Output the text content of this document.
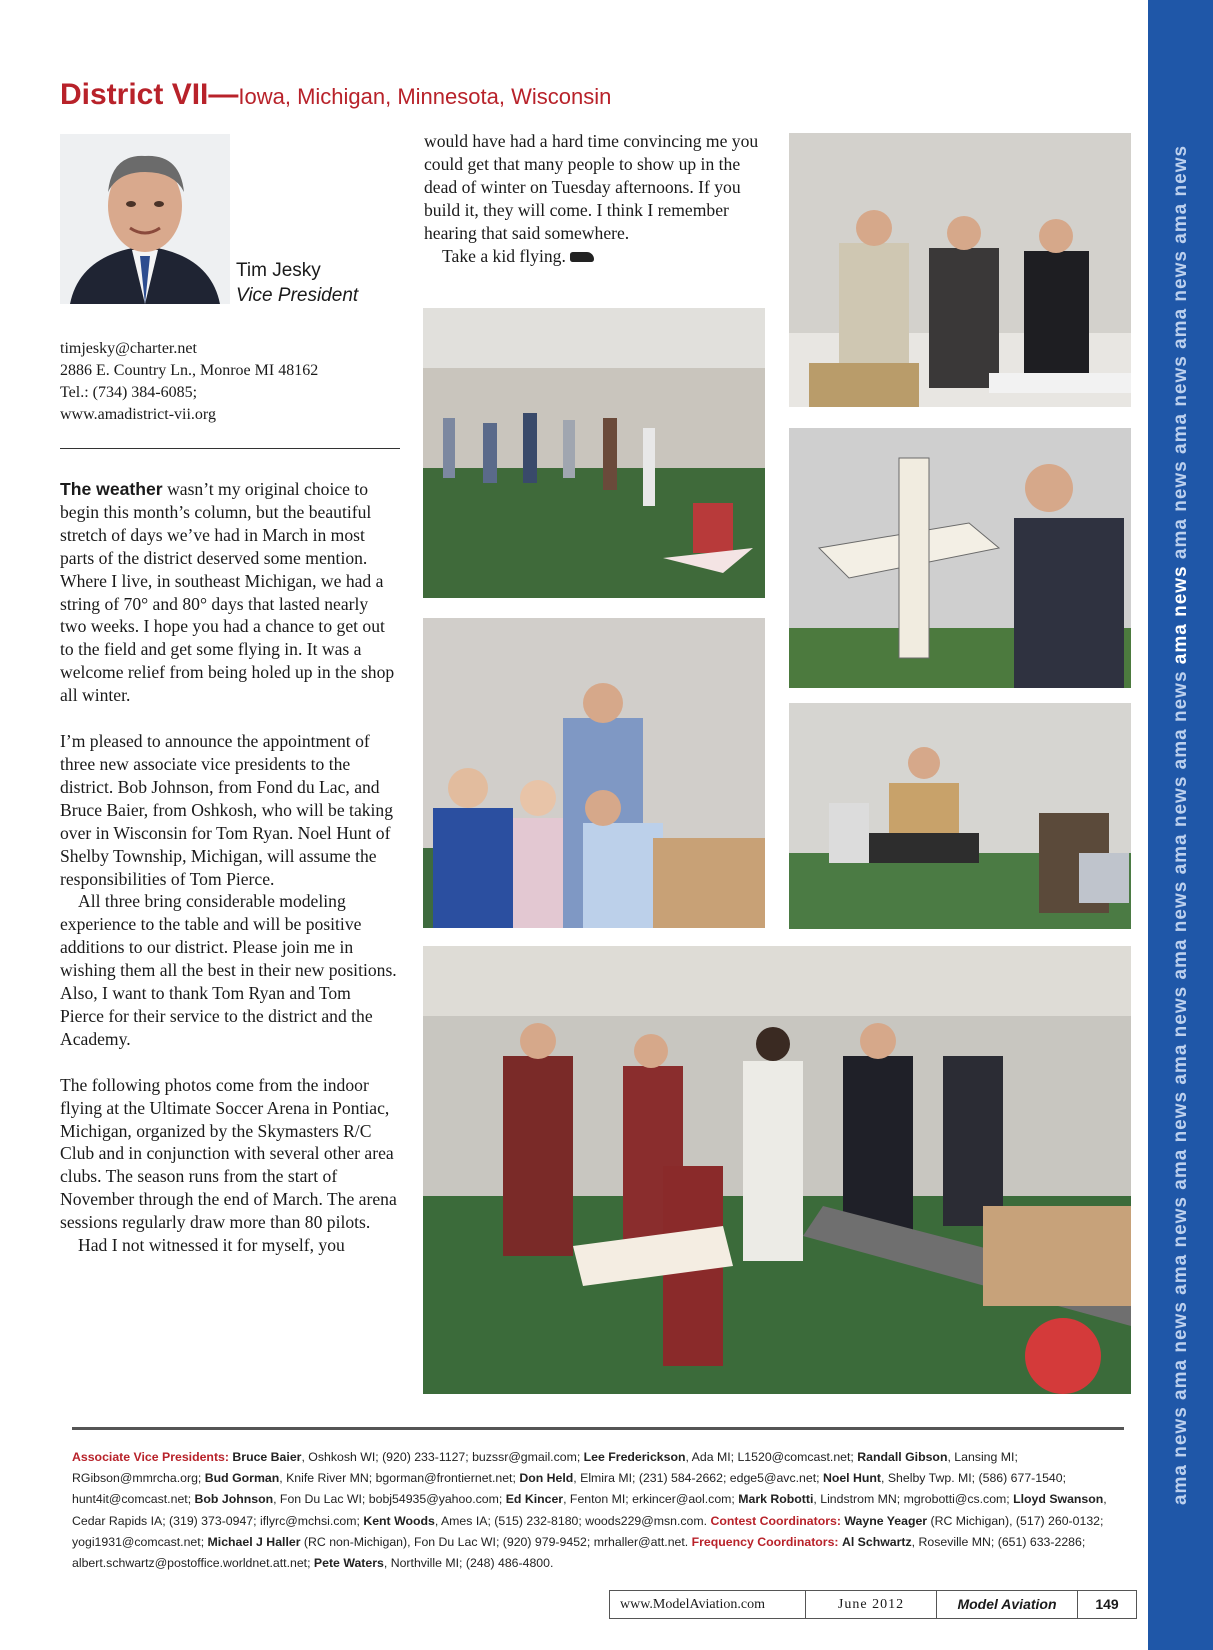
ama news ama news ama news ama news ama news ama news ama news ama news ama news ama news ama news ama news ama news
District VII—Iowa, Michigan, Minnesota, Wisconsin
Tim Jesky
Vice President
timjesky@charter.net
2886 E. Country Ln., Monroe MI 48162
Tel.: (734) 384-6085;
www.amadistrict-vii.org

The weather wasn’t my original choice to begin this month’s column, but the beautiful stretch of days we’ve had in March in most parts of the district deserved some mention. Where I live, in southeast Michigan, we had a string of 70° and 80° days that lasted nearly two weeks. I hope you had a chance to get out to the field and get some flying in. It was a welcome relief from being holed up in the shop all winter.

I’m pleased to announce the appointment of three new associate vice presidents to the district. Bob Johnson, from Fond du Lac, and Bruce Baier, from Oshkosh, who will be taking over in Wisconsin for Tom Ryan. Noel Hunt of Shelby Township, Michigan, will assume the responsibilities of Tom Pierce.

All three bring considerable modeling experience to the table and will be positive additions to our district. Please join me in wishing them all the best in their new positions. Also, I want to thank Tom Ryan and Tom Pierce for their service to the district and the Academy.

The following photos come from the indoor flying at the Ultimate Soccer Arena in Pontiac, Michigan, organized by the Skymasters R/C Club and in conjunction with several other area clubs. The season runs from the start of November through the end of March. The arena sessions regularly draw more than 80 pilots.

Had I not witnessed it for myself, you

would have had a hard time convincing me you could get that many people to show up in the dead of winter on Tuesday afternoons. If you build it, they will come. I think I remember hearing that said somewhere.

Take a kid flying.

Associate Vice Presidents: Bruce Baier, Oshkosh WI; (920) 233-1127; buzssr@gmail.com; Lee Frederickson, Ada MI; L1520@comcast.net; Randall Gibson, Lansing MI; RGibson@mmrcha.org; Bud Gorman, Knife River MN; bgorman@frontiernet.net; Don Held, Elmira MI; (231) 584-2662; edge5@avc.net; Noel Hunt, Shelby Twp. MI; (586) 677-1540; hunt4it@comcast.net; Bob Johnson, Fon Du Lac WI; bobj54935@yahoo.com; Ed Kincer, Fenton MI; erkincer@aol.com; Mark Robotti, Lindstrom MN; mgrobotti@cs.com; Lloyd Swanson, Cedar Rapids IA; (319) 373-0947; iflyrc@mchsi.com; Kent Woods, Ames IA; (515) 232-8180; woods229@msn.com. Contest Coordinators: Wayne Yeager (RC Michigan), (517) 260-0132; yogi1931@comcast.net; Michael J Haller (RC non-Michigan), Fon Du Lac WI; (920) 979-9452; mrhaller@att.net. Frequency Coordinators: Al Schwartz, Roseville MN; (651) 633-2286; albert.schwartz@postoffice.worldnet.att.net; Pete Waters, Northville MI; (248) 486-4800.
www.ModelAviation.com	June 2012	Model Aviation	149
